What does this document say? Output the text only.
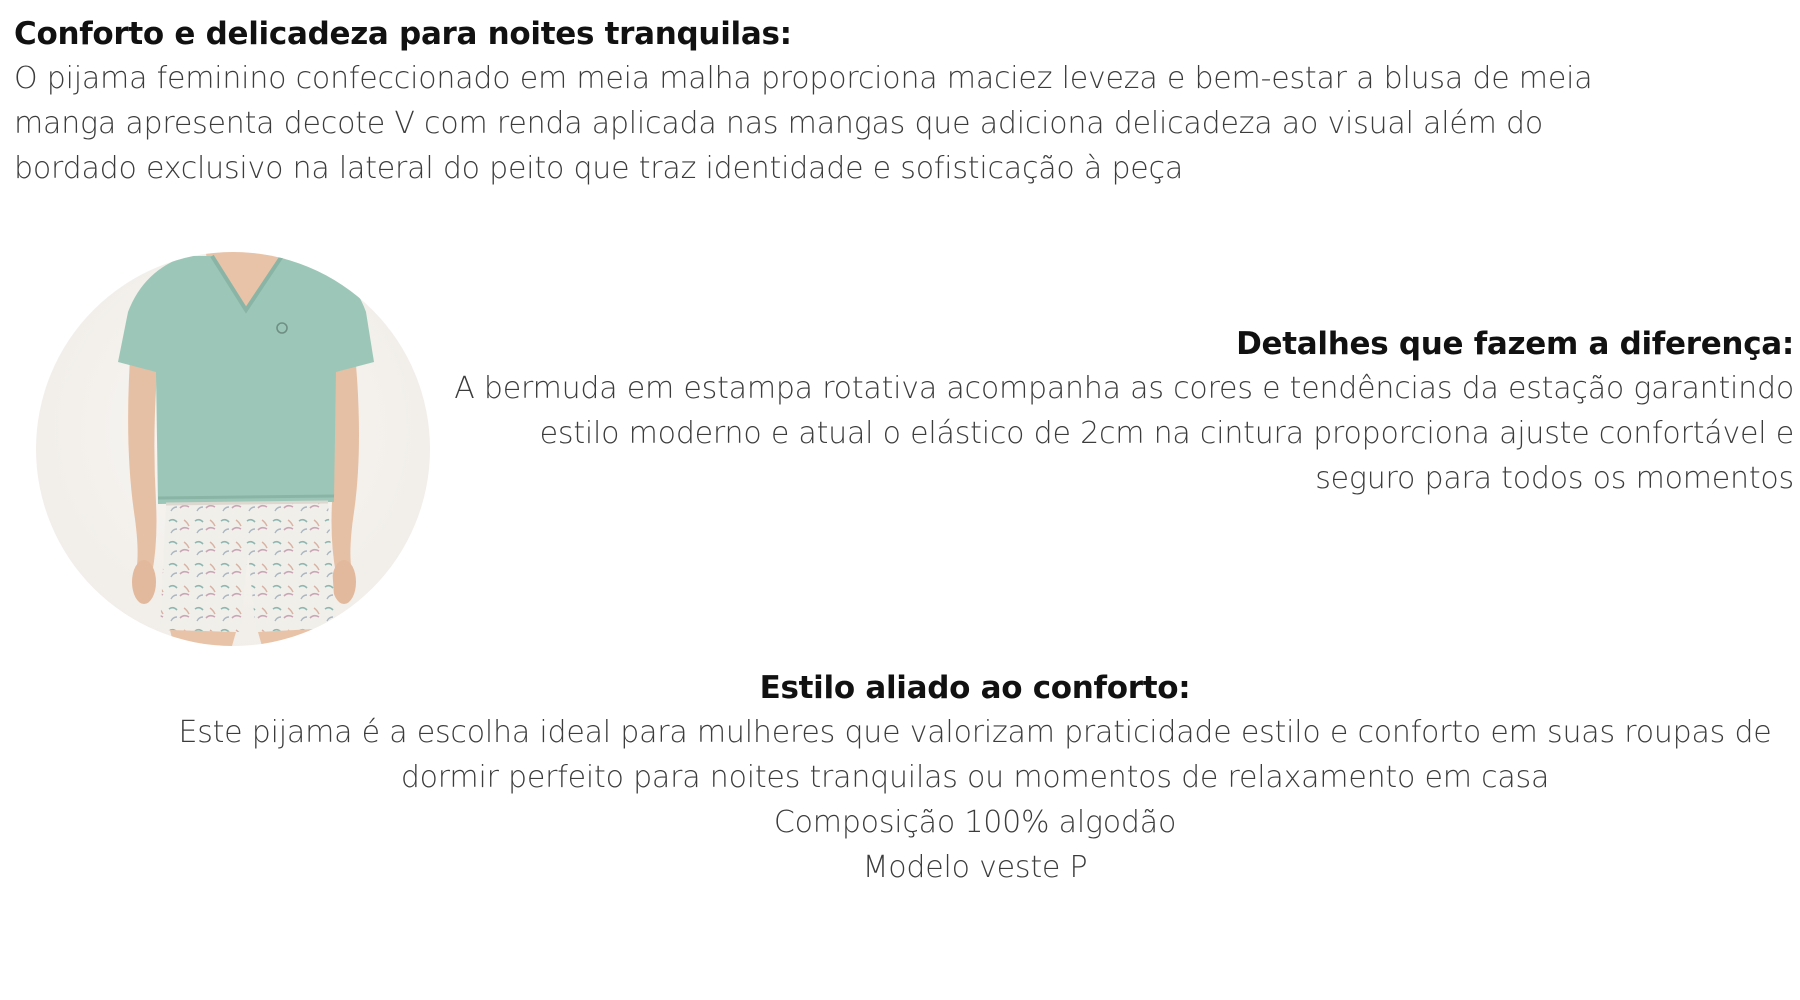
Conforto e delicadeza para noites tranquilas:

O pijama feminino confeccionado em meia malha proporciona maciez leveza e bem-estar a blusa de meia

manga apresenta decote V com renda aplicada nas mangas que adiciona delicadeza ao visual além do

bordado exclusivo na lateral do peito que traz identidade e sofisticação à peça

Detalhes que fazem a diferença:

A bermuda em estampa rotativa acompanha as cores e tendências da estação garantindo

estilo moderno e atual o elástico de 2cm na cintura proporciona ajuste confortável e

seguro para todos os momentos

Estilo aliado ao conforto:

Este pijama é a escolha ideal para mulheres que valorizam praticidade estilo e conforto em suas roupas de

dormir perfeito para noites tranquilas ou momentos de relaxamento em casa

Composição 100% algodão

Modelo veste P
